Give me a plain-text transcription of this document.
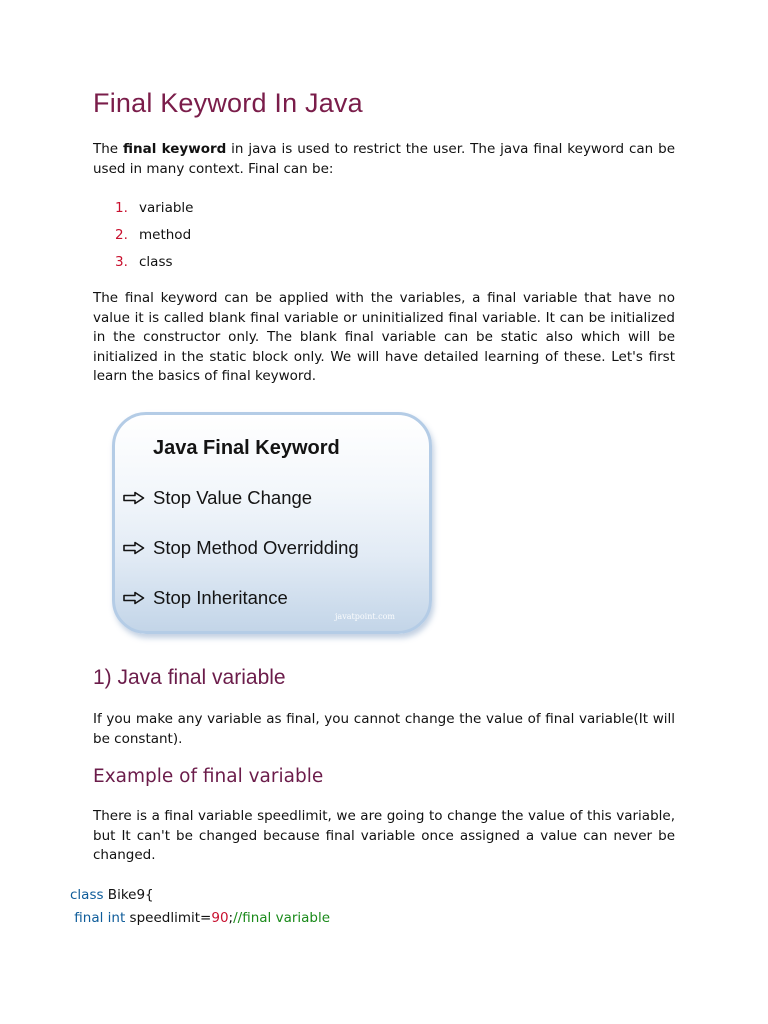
Final Keyword In Java

The final keyword in java is used to restrict the user. The java final keyword can be used in many context. Final can be:

1. variable
2. method
3. class

The final keyword can be applied with the variables, a final variable that have no value it is called blank final variable or uninitialized final variable. It can be initialized in the constructor only. The blank final variable can be static also which will be initialized in the static block only. We will have detailed learning of these. Let's first learn the basics of final keyword.

1) Java final variable

If you make any variable as final, you cannot change the value of final variable(It will be constant).

Example of final variable

There is a final variable speedlimit, we are going to change the value of this variable, but It can't be changed because final variable once assigned a value can never be changed.

Java Final Keyword

Stop Value Change
Stop Method Overridding
Stop Inheritance
javatpoint.com
class Bike9{
final int speedlimit=90;//final variable
